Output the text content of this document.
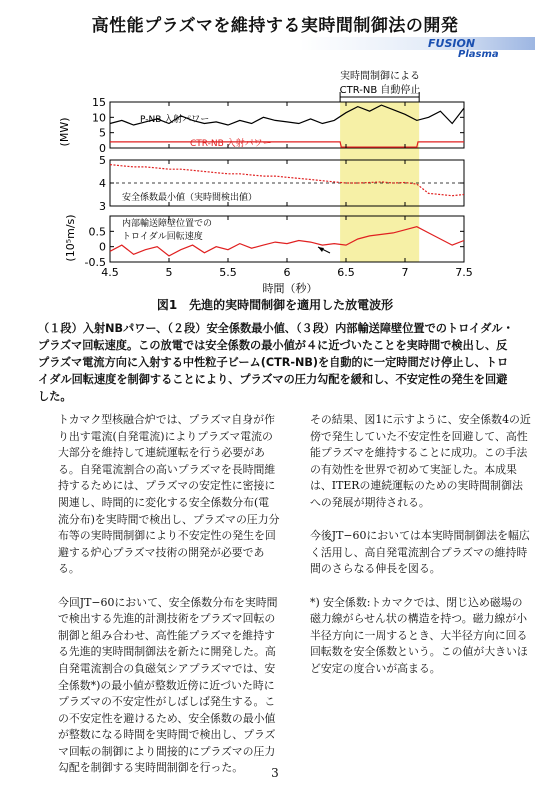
高性能プラズマを維持する実時間制御法の開発
FUSION
Plasma
実時間制御による
CTR-NB 自動停止
(MW)	P-NB 入射パワー
CTR-NB 入射パワー
0
5
10
15
安全係数最小値（実時間検出値）
3
4
5
(10⁵m/s)	内部輸送障壁位置での トロイダル回転速度
-0.5
0
0.5
4.5	5	5.5	6	6.5	7	7.5
時間（秒）
図1　先進的実時間制御を適用した放電波形

（１段）入射NBパワー、（２段）安全係数最小値、（３段）内部輸送障壁位置でのトロイダル・プラズマ回転速度。この放電では安全係数の最小値が４に近づいたことを実時間で検出し、反プラズマ電流方向に入射する中性粒子ビーム(CTR-NB)を自動的に一定時間だけ停止し、トロイダル回転速度を制御することにより、プラズマの圧力勾配を緩和し、不安定性の発生を回避した。

トカマク型核融合炉では、プラズマ自身が作り出す電流(自発電流)によりプラズマ電流の大部分を維持して連続運転を行う必要がある。自発電流割合の高いプラズマを長時間維持するためには、プラズマの安定性に密接に関連し、時間的に変化する安全係数分布(電流分布)を実時間で検出し、プラズマの圧力分布等の実時間制御により不安定性の発生を回避する炉心プラズマ技術の開発が必要である。

今回JT−60において、安全係数分布を実時間で検出する先進的計測技術をプラズマ回転の制御と組み合わせ、高性能プラズマを維持する先進的実時間制御法を新たに開発した。高自発電流割合の負磁気シアプラズマでは、安全係数*)の最小値が整数近傍に近づいた時にプラズマの不安定性がしばしば発生する。この不安定性を避けるため、安全係数の最小値が整数になる時間を実時間で検出し、プラズマ回転の制御により間接的にプラズマの圧力勾配を制御する実時間制御を行った。

その結果、図1に示すように、安全係数4の近傍で発生していた不安定性を回避して、高性能プラズマを維持することに成功。この手法の有効性を世界で初めて実証した。本成果は、ITERの連続運転のための実時間制御法への発展が期待される。

今後JT−60においては本実時間制御法を幅広く活用し、高自発電流割合プラズマの維持時間のさらなる伸長を図る。

*) 安全係数:トカマクでは、閉じ込め磁場の磁力線がらせん状の構造を持つ。磁力線が小半径方向に一周するとき、大半径方向に回る回転数を安全係数という。この値が大きいほど安定の度合いが高まる。

3
